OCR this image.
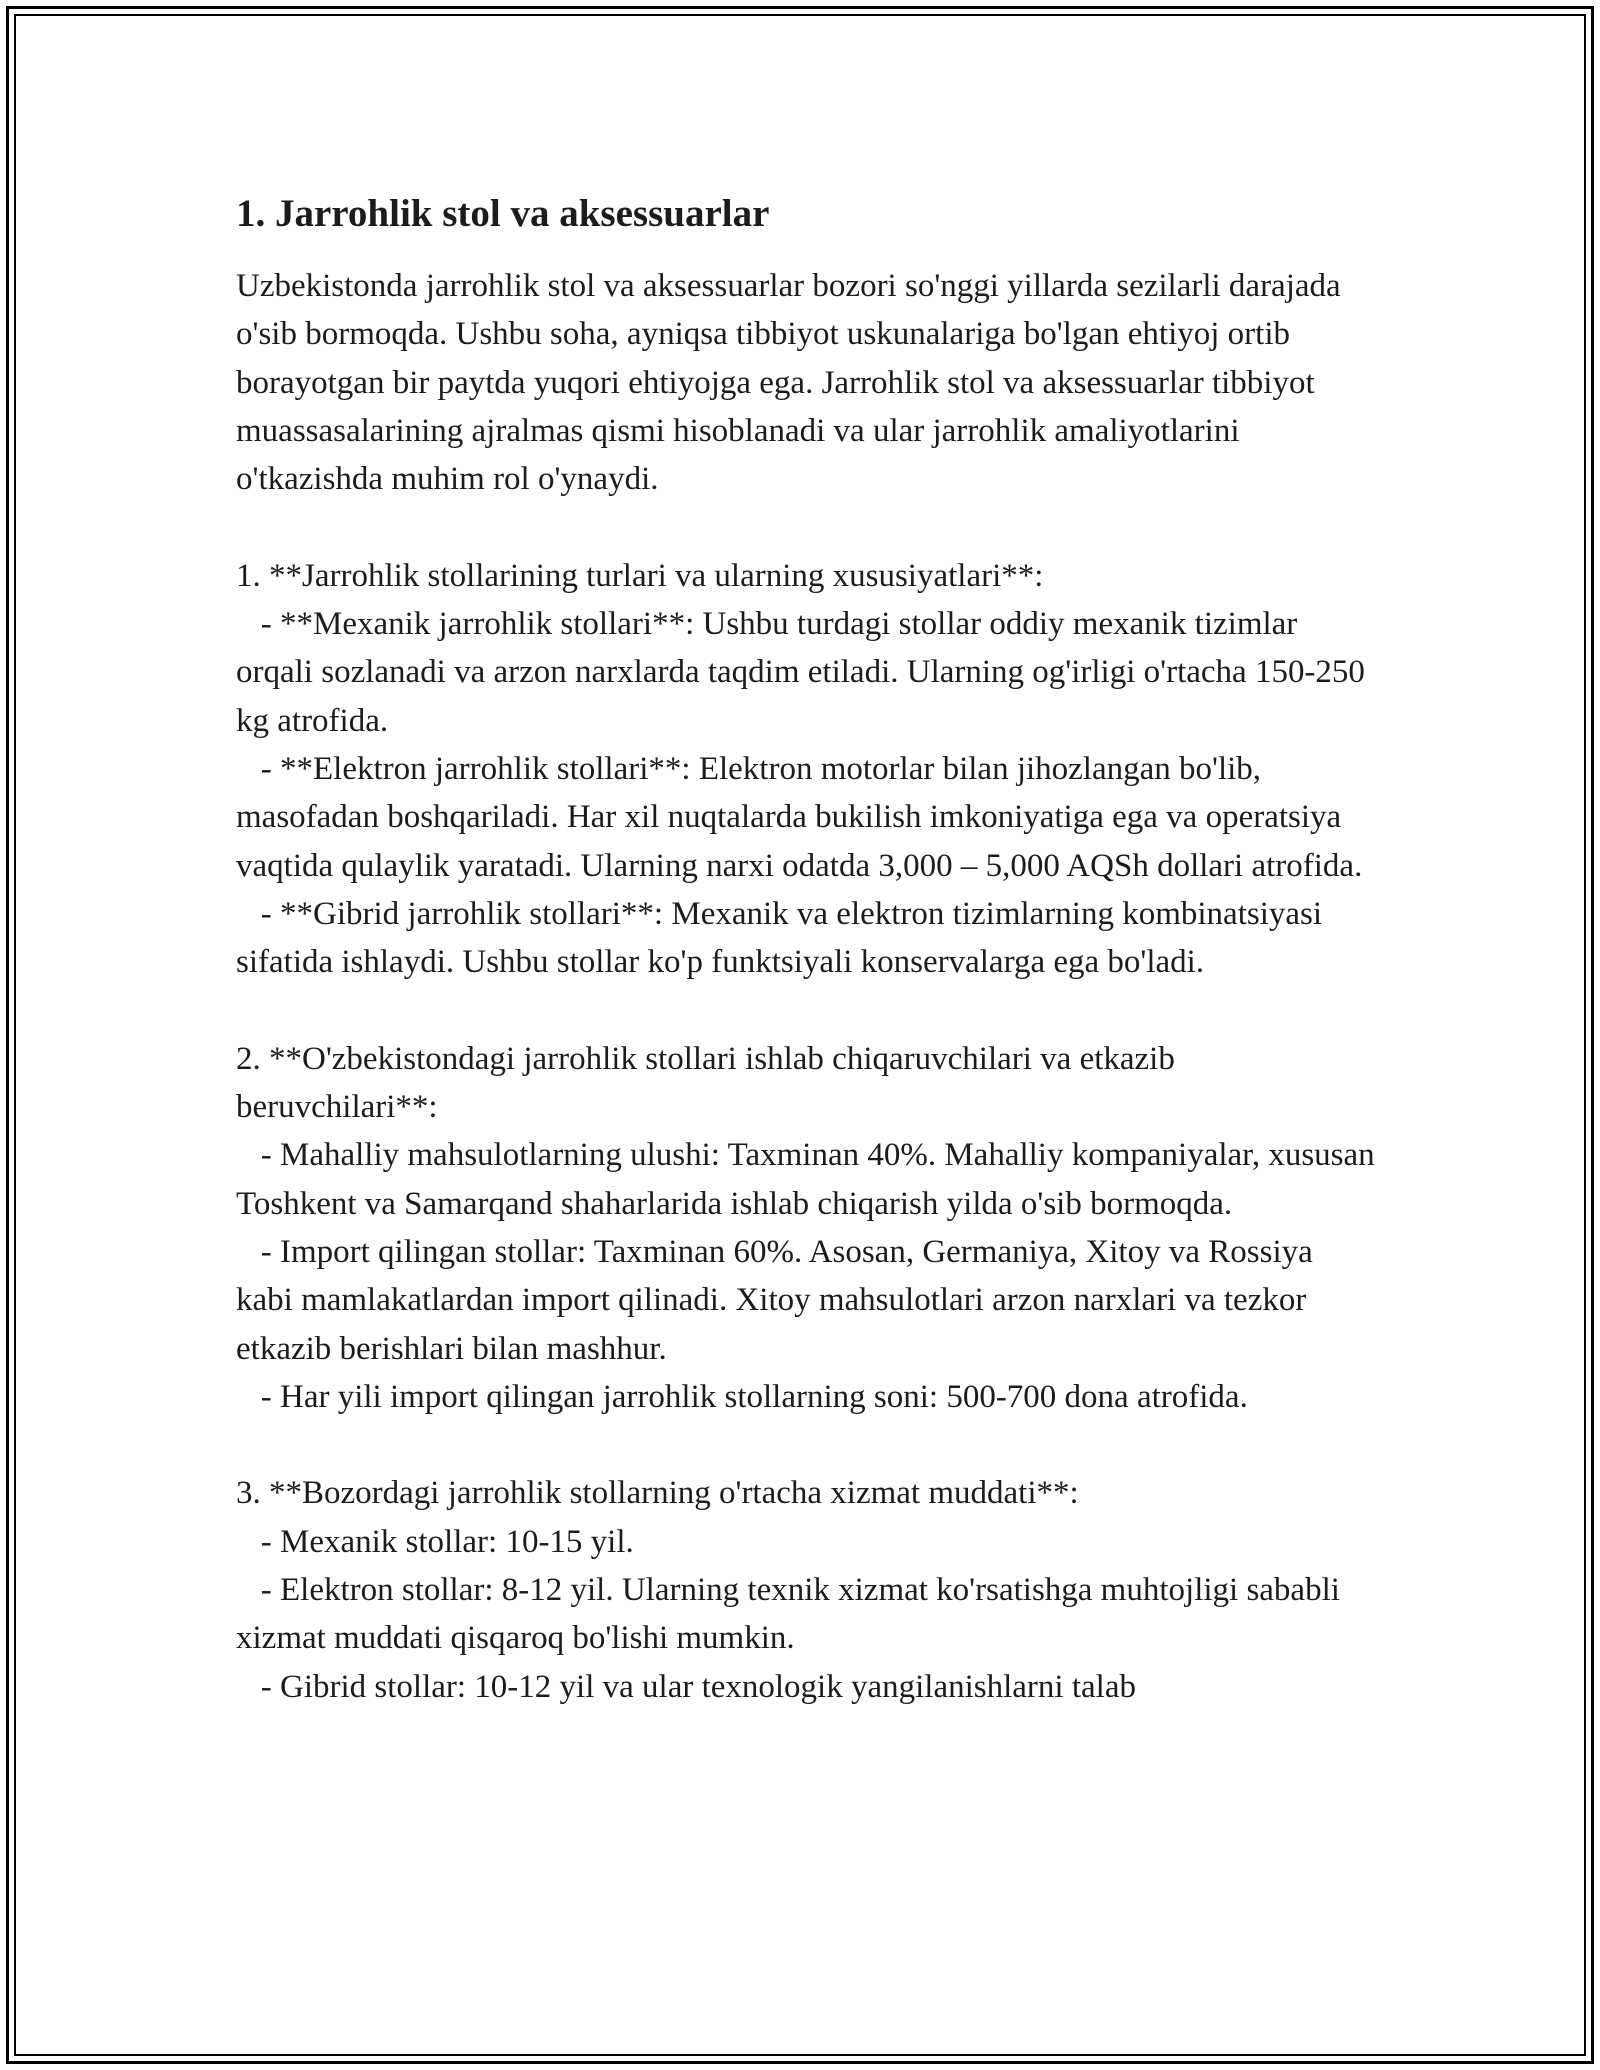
1. Jarrohlik stol va aksessuarlar

Uzbekistonda jarrohlik stol va aksessuarlar bozori so'nggi yillarda sezilarli darajada o'sib bormoqda. Ushbu soha, ayniqsa tibbiyot uskunalariga bo'lgan ehtiyoj ortib borayotgan bir paytda yuqori ehtiyojga ega. Jarrohlik stol va aksessuarlar tibbiyot muassasalarining ajralmas qismi hisoblanadi va ular jarrohlik amaliyotlarini o'tkazishda muhim rol o'ynaydi.

1. **Jarrohlik stollarining turlari va ularning xususiyatlari**:

- **Mexanik jarrohlik stollari**: Ushbu turdagi stollar oddiy mexanik tizimlar orqali sozlanadi va arzon narxlarda taqdim etiladi. Ularning og'irligi o'rtacha 150-250 kg atrofida.

- **Elektron jarrohlik stollari**: Elektron motorlar bilan jihozlangan bo'lib, masofadan boshqariladi. Har xil nuqtalarda bukilish imkoniyatiga ega va operatsiya vaqtida qulaylik yaratadi. Ularning narxi odatda 3,000 – 5,000 AQSh dollari atrofida.

- **Gibrid jarrohlik stollari**: Mexanik va elektron tizimlarning kombinatsiyasi sifatida ishlaydi. Ushbu stollar ko'p funktsiyali konservalarga ega bo'ladi.

2. **O'zbekistondagi jarrohlik stollari ishlab chiqaruvchilari va etkazib beruvchilari**:

- Mahalliy mahsulotlarning ulushi: Taxminan 40%. Mahalliy kompaniyalar, xususan Toshkent va Samarqand shaharlarida ishlab chiqarish yilda o'sib bormoqda.

- Import qilingan stollar: Taxminan 60%. Asosan, Germaniya, Xitoy va Rossiya kabi mamlakatlardan import qilinadi. Xitoy mahsulotlari arzon narxlari va tezkor etkazib berishlari bilan mashhur.

- Har yili import qilingan jarrohlik stollarning soni: 500-700 dona atrofida.

3. **Bozordagi jarrohlik stollarning o'rtacha xizmat muddati**:

- Mexanik stollar: 10-15 yil.

- Elektron stollar: 8-12 yil. Ularning texnik xizmat ko'rsatishga muhtojligi sababli xizmat muddati qisqaroq bo'lishi mumkin.

- Gibrid stollar: 10-12 yil va ular texnologik yangilanishlarni talab
